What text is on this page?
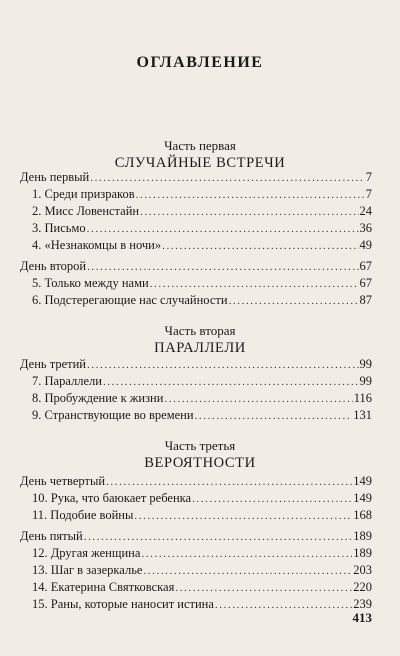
ОГЛАВЛЕНИЕ
Часть первая
СЛУЧАЙНЫЕ ВСТРЕЧИ
День первый .....	7
1. Среди призраков .....	7
2. Мисс Ловенстайн .....	24
3. Письмо .....	36
4. «Незнакомцы в ночи» .....	49
День второй .....	67
5. Только между нами .....	67
6. Подстерегающие нас случайности .....	87
Часть вторая
ПАРАЛЛЕЛИ
День третий .....	99
7. Параллели .....	99
8. Пробуждение к жизни .....	116
9. Странствующие во времени .....	131
Часть третья
ВЕРОЯТНОСТИ
День четвертый .....	149
10. Рука, что баюкает ребенка .....	149
11. Подобие войны .....	168
День пятый .....	189
12. Другая женщина .....	189
13. Шаг в зазеркалье .....	203
14. Екатерина Святковская .....	220
15. Раны, которые наносит истина .....	239
413
